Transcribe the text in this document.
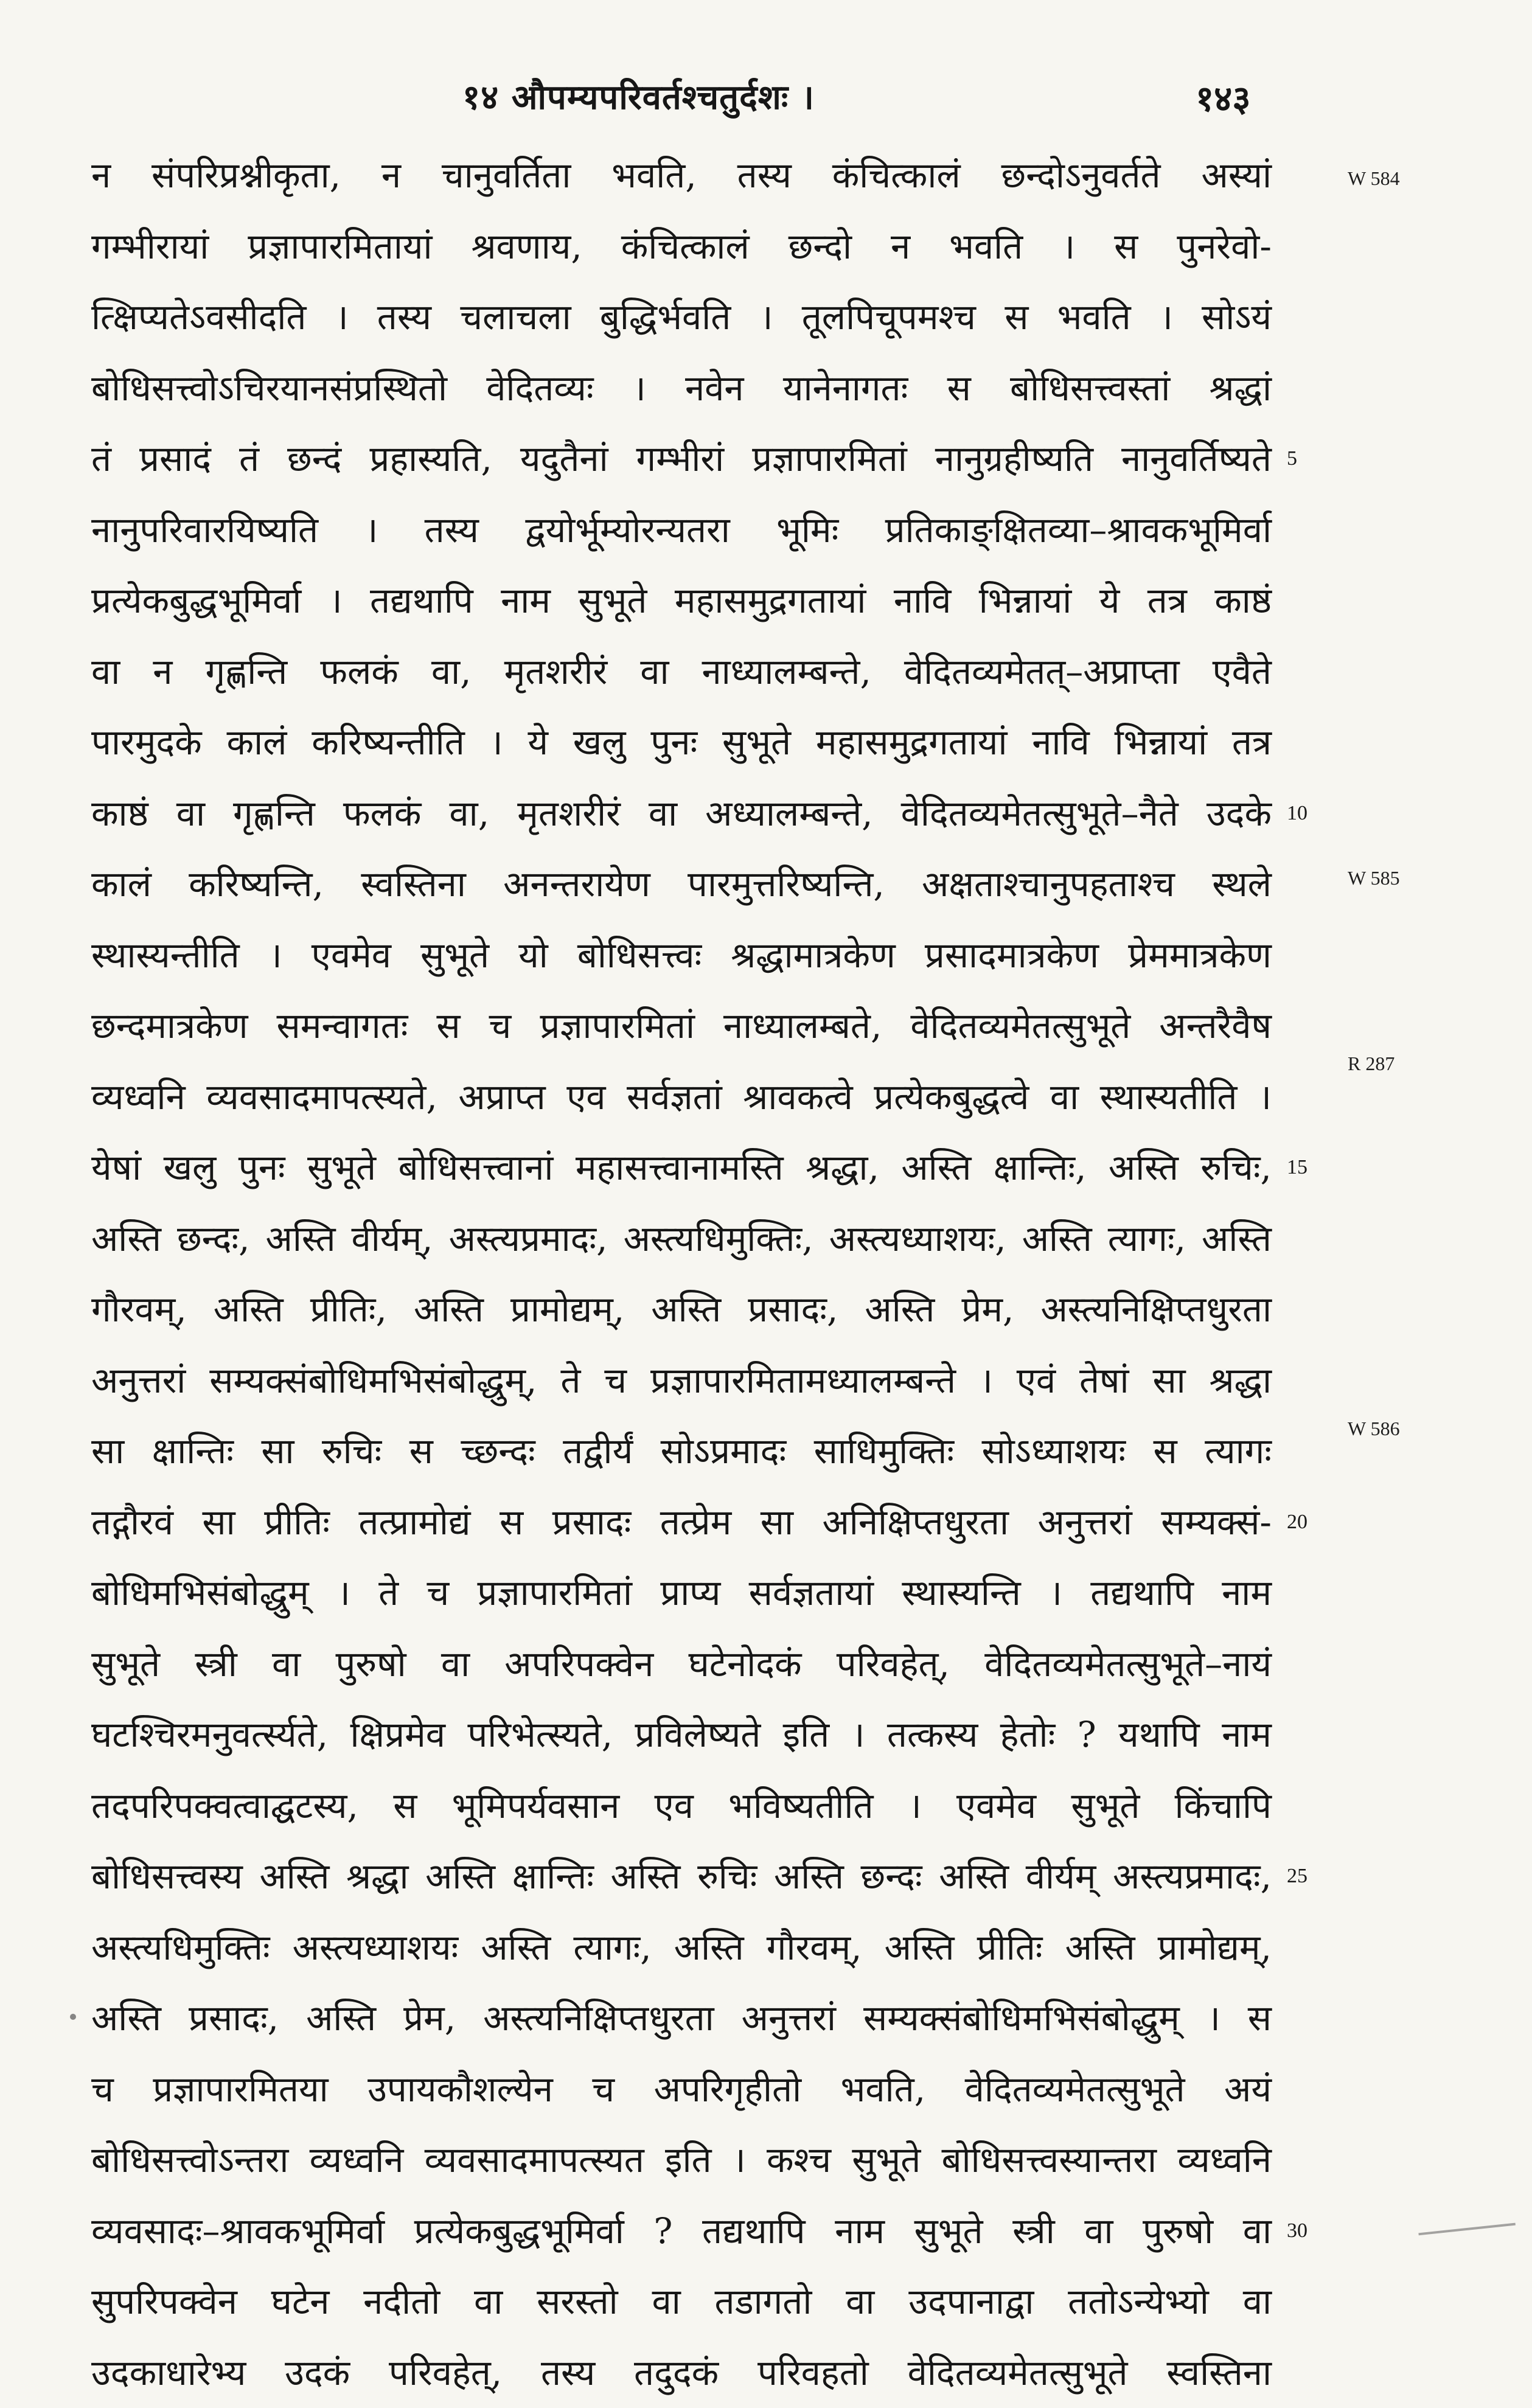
१४ औपम्यपरिवर्तश्चतुर्दशः ।	१४३
न संपरिप्रश्नीकृता, न चानुवर्तिता भवति, तस्य कंचित्कालं छन्दोऽनुवर्तते अस्यां
गम्भीरायां प्रज्ञापारमितायां श्रवणाय, कंचित्कालं छन्दो न भवति । स पुनरेवो-
त्क्षिप्यतेऽवसीदति । तस्य चलाचला बुद्धिर्भवति । तूलपिचूपमश्च स भवति । सोऽयं
बोधिसत्त्वोऽचिरयानसंप्रस्थितो वेदितव्यः । नवेन यानेनागतः स बोधिसत्त्वस्तां श्रद्धां
तं प्रसादं तं छन्दं प्रहास्यति, यदुतैनां गम्भीरां प्रज्ञापारमितां नानुग्रहीष्यति नानुवर्तिष्यते 5
नानुपरिवारयिष्यति । तस्य द्वयोर्भूम्योरन्यतरा भूमिः प्रतिकाङ्क्षितव्या–श्रावकभूमिर्वा
प्रत्येकबुद्धभूमिर्वा । तद्यथापि नाम सुभूते महासमुद्रगतायां नावि भिन्नायां ये तत्र काष्ठं
वा न गृह्णन्ति फलकं वा, मृतशरीरं वा नाध्यालम्बन्ते, वेदितव्यमेतत्–अप्राप्ता एवैते
पारमुदके कालं करिष्यन्तीति । ये खलु पुनः सुभूते महासमुद्रगतायां नावि भिन्नायां तत्र
काष्ठं वा गृह्णन्ति फलकं वा, मृतशरीरं वा अध्यालम्बन्ते, वेदितव्यमेतत्सुभूते–नैते उदके 10
कालं करिष्यन्ति, स्वस्तिना अनन्तरायेण पारमुत्तरिष्यन्ति, अक्षताश्चानुपहताश्च स्थले
स्थास्यन्तीति । एवमेव सुभूते यो बोधिसत्त्वः श्रद्धामात्रकेण प्रसादमात्रकेण प्रेममात्रकेण
छन्दमात्रकेण समन्वागतः स च प्रज्ञापारमितां नाध्यालम्बते, वेदितव्यमेतत्सुभूते अन्तरैवैष
व्यध्वनि व्यवसादमापत्स्यते, अप्राप्त एव सर्वज्ञतां श्रावकत्वे प्रत्येकबुद्धत्वे वा स्थास्यतीति ।
येषां खलु पुनः सुभूते बोधिसत्त्वानां महासत्त्वानामस्ति श्रद्धा, अस्ति क्षान्तिः, अस्ति रुचिः, 15
अस्ति छन्दः, अस्ति वीर्यम्, अस्त्यप्रमादः, अस्त्यधिमुक्तिः, अस्त्यध्याशयः, अस्ति त्यागः, अस्ति
गौरवम्, अस्ति प्रीतिः, अस्ति प्रामोद्यम्, अस्ति प्रसादः, अस्ति प्रेम, अस्त्यनिक्षिप्तधुरता
अनुत्तरां सम्यक्संबोधिमभिसंबोद्धुम्, ते च प्रज्ञापारमितामध्यालम्बन्ते । एवं तेषां सा श्रद्धा
सा क्षान्तिः सा रुचिः स च्छन्दः तद्वीर्यं सोऽप्रमादः साधिमुक्तिः सोऽध्याशयः स त्यागः
तद्गौरवं सा प्रीतिः तत्प्रामोद्यं स प्रसादः तत्प्रेम सा अनिक्षिप्तधुरता अनुत्तरां सम्यक्सं- 20
बोधिमभिसंबोद्धुम् । ते च प्रज्ञापारमितां प्राप्य सर्वज्ञतायां स्थास्यन्ति । तद्यथापि नाम
सुभूते स्त्री वा पुरुषो वा अपरिपक्वेन घटेनोदकं परिवहेत्, वेदितव्यमेतत्सुभूते–नायं
घटश्चिरमनुवर्त्स्यते, क्षिप्रमेव परिभेत्स्यते, प्रविलेष्यते इति । तत्कस्य हेतोः ? यथापि नाम
तदपरिपक्वत्वाद्घटस्य, स भूमिपर्यवसान एव भविष्यतीति । एवमेव सुभूते किंचापि
बोधिसत्त्वस्य अस्ति श्रद्धा अस्ति क्षान्तिः अस्ति रुचिः अस्ति छन्दः अस्ति वीर्यम् अस्त्यप्रमादः, 25
अस्त्यधिमुक्तिः अस्त्यध्याशयः अस्ति त्यागः, अस्ति गौरवम्, अस्ति प्रीतिः अस्ति प्रामोद्यम्,
अस्ति प्रसादः, अस्ति प्रेम, अस्त्यनिक्षिप्तधुरता अनुत्तरां सम्यक्संबोधिमभिसंबोद्धुम् । स
च प्रज्ञापारमितया उपायकौशल्येन च अपरिगृहीतो भवति, वेदितव्यमेतत्सुभूते अयं
बोधिसत्त्वोऽन्तरा व्यध्वनि व्यवसादमापत्स्यत इति । कश्च सुभूते बोधिसत्त्वस्यान्तरा व्यध्वनि
व्यवसादः–श्रावकभूमिर्वा प्रत्येकबुद्धभूमिर्वा ? तद्यथापि नाम सुभूते स्त्री वा पुरुषो वा 30
सुपरिपक्वेन घटेन नदीतो वा सरस्तो वा तडागतो वा उदपानाद्वा ततोऽन्येभ्यो वा
उदकाधारेभ्य उदकं परिवहेत्, तस्य तदुदकं परिवहतो वेदितव्यमेतत्सुभूते स्वस्तिना
W 584
W 585
R 287
W 586
